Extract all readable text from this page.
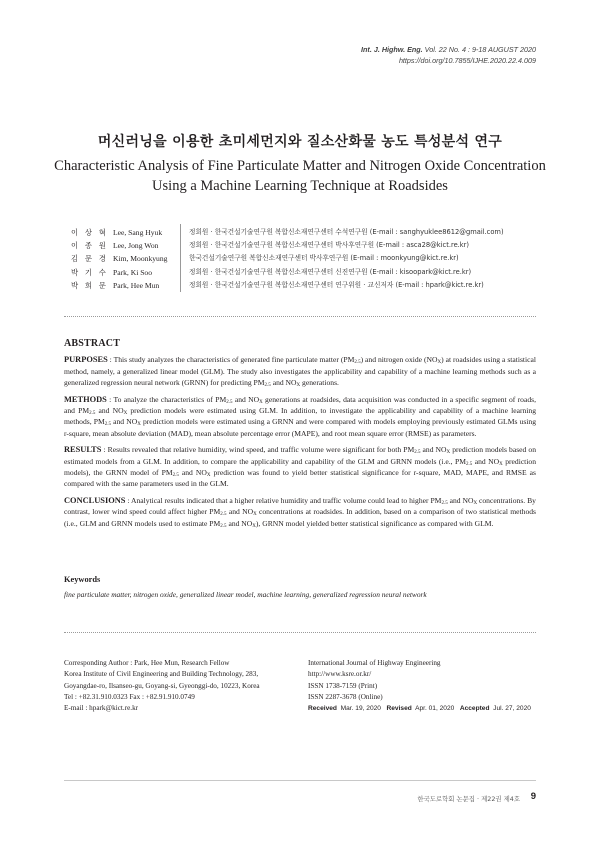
Int. J. Highw. Eng. Vol. 22 No. 4 : 9-18 AUGUST 2020
https://doi.org/10.7855/IJHE.2020.22.4.009
머신러닝을 이용한 초미세먼지와 질소산화물 농도 특성분석 연구
Characteristic Analysis of Fine Particulate Matter and Nitrogen Oxide Concentration Using a Machine Learning Technique at Roadsides
이 상 혁 Lee, Sang Hyuk	정회원 · 한국건설기술연구원 복합신소재연구센터 수석연구원 (E-mail : sanghyuklee8612@gmail.com)
이 종 원 Lee, Jong Won	정회원 · 한국건설기술연구원 복합신소재연구센터 박사후연구원 (E-mail : asca28@kict.re.kr)
김 문 경 Kim, Moonkyung	한국건설기술연구원 복합신소재연구센터 박사후연구원 (E-mail : moonkyung@kict.re.kr)
박 기 수 Park, Ki Soo	정회원 · 한국건설기술연구원 복합신소재연구센터 신진연구원 (E-mail : kisoopark@kict.re.kr)
박 희 문 Park, Hee Mun	정회원 · 한국건설기술연구원 복합신소재연구센터 연구위원 · 교신저자 (E-mail : hpark@kict.re.kr)
ABSTRACT

PURPOSES : This study analyzes the characteristics of generated fine particulate matter $(PM_{2.5})$ and nitrogen oxide $(NO_X)$ at roadsides using a statistical method, namely, a generalized linear model (GLM). The study also investigates the applicability and capability of a machine learning methods such as a generalized regression neural network (GRNN) for predicting $PM_{2.5}$ and $NO_X$ generations.

METHODS : To analyze the characteristics of $PM_{2.5}$ and $NO_X$ generations at roadsides, data acquisition was conducted in a specific segment of roads, and $PM_{2.5}$ and $NO_X$ prediction models were estimated using GLM. In addition, to investigate the applicability and capability of a machine learning methods, $PM_{2.5}$ and $NO_X$ prediction models were estimated using a GRNN and were compared with models employing previously estimated GLMs using r-square, mean absolute deviation (MAD), mean absolute percentage error (MAPE), and root mean square error (RMSE) as parameters.

RESULTS : Results revealed that relative humidity, wind speed, and traffic volume were significant for both $PM_{2.5}$ and $NO_X$ prediction models based on estimated models from a GLM. In addition, to compare the applicability and capability of the GLM and GRNN models (i.e., $PM_{2.5}$ and $NO_X$ prediction models), the GRNN model of $PM_{2.5}$ and $NO_X$ prediction was found to yield better statistical significance for r-square, MAD, MAPE, and RMSE as compared with the same parameters used in the GLM.

CONCLUSIONS : Analytical results indicated that a higher relative humidity and traffic volume could lead to higher $PM_{2.5}$ and $NO_X$ concentrations. By contrast, lower wind speed could affect higher $PM_{2.5}$ and $NO_X$ concentrations at roadsides. In addition, based on a comparison of two statistical methods (i.e., GLM and GRNN models used to estimate $PM_{2.5}$ and $NO_X$), GRNN model yielded better statistical significance as compared with GLM.

Keywords

fine particulate matter, nitrogen oxide, generalized linear model, machine learning, generalized regression neural network

Corresponding Author : Park, Hee Mun, Research Fellow
Korea Institute of Civil Engineering and Building Technology, 283,
Goyangdae-ro, Ilsanseo-gu, Goyang-si, Gyeonggi-do, 10223, Korea
Tel : +82.31.910.0323 Fax : +82.91.910.0749
E-mail : hpark@kict.re.kr
International Journal of Highway Engineering
http://www.ksre.or.kr/
ISSN 1738-7159 (Print)
ISSN 2287-3678 (Online)
Received Mar. 19, 2020 Revised Apr. 01, 2020 Accepted Jul. 27, 2020
한국도로학회 논문집 · 제22권 제4호 9
